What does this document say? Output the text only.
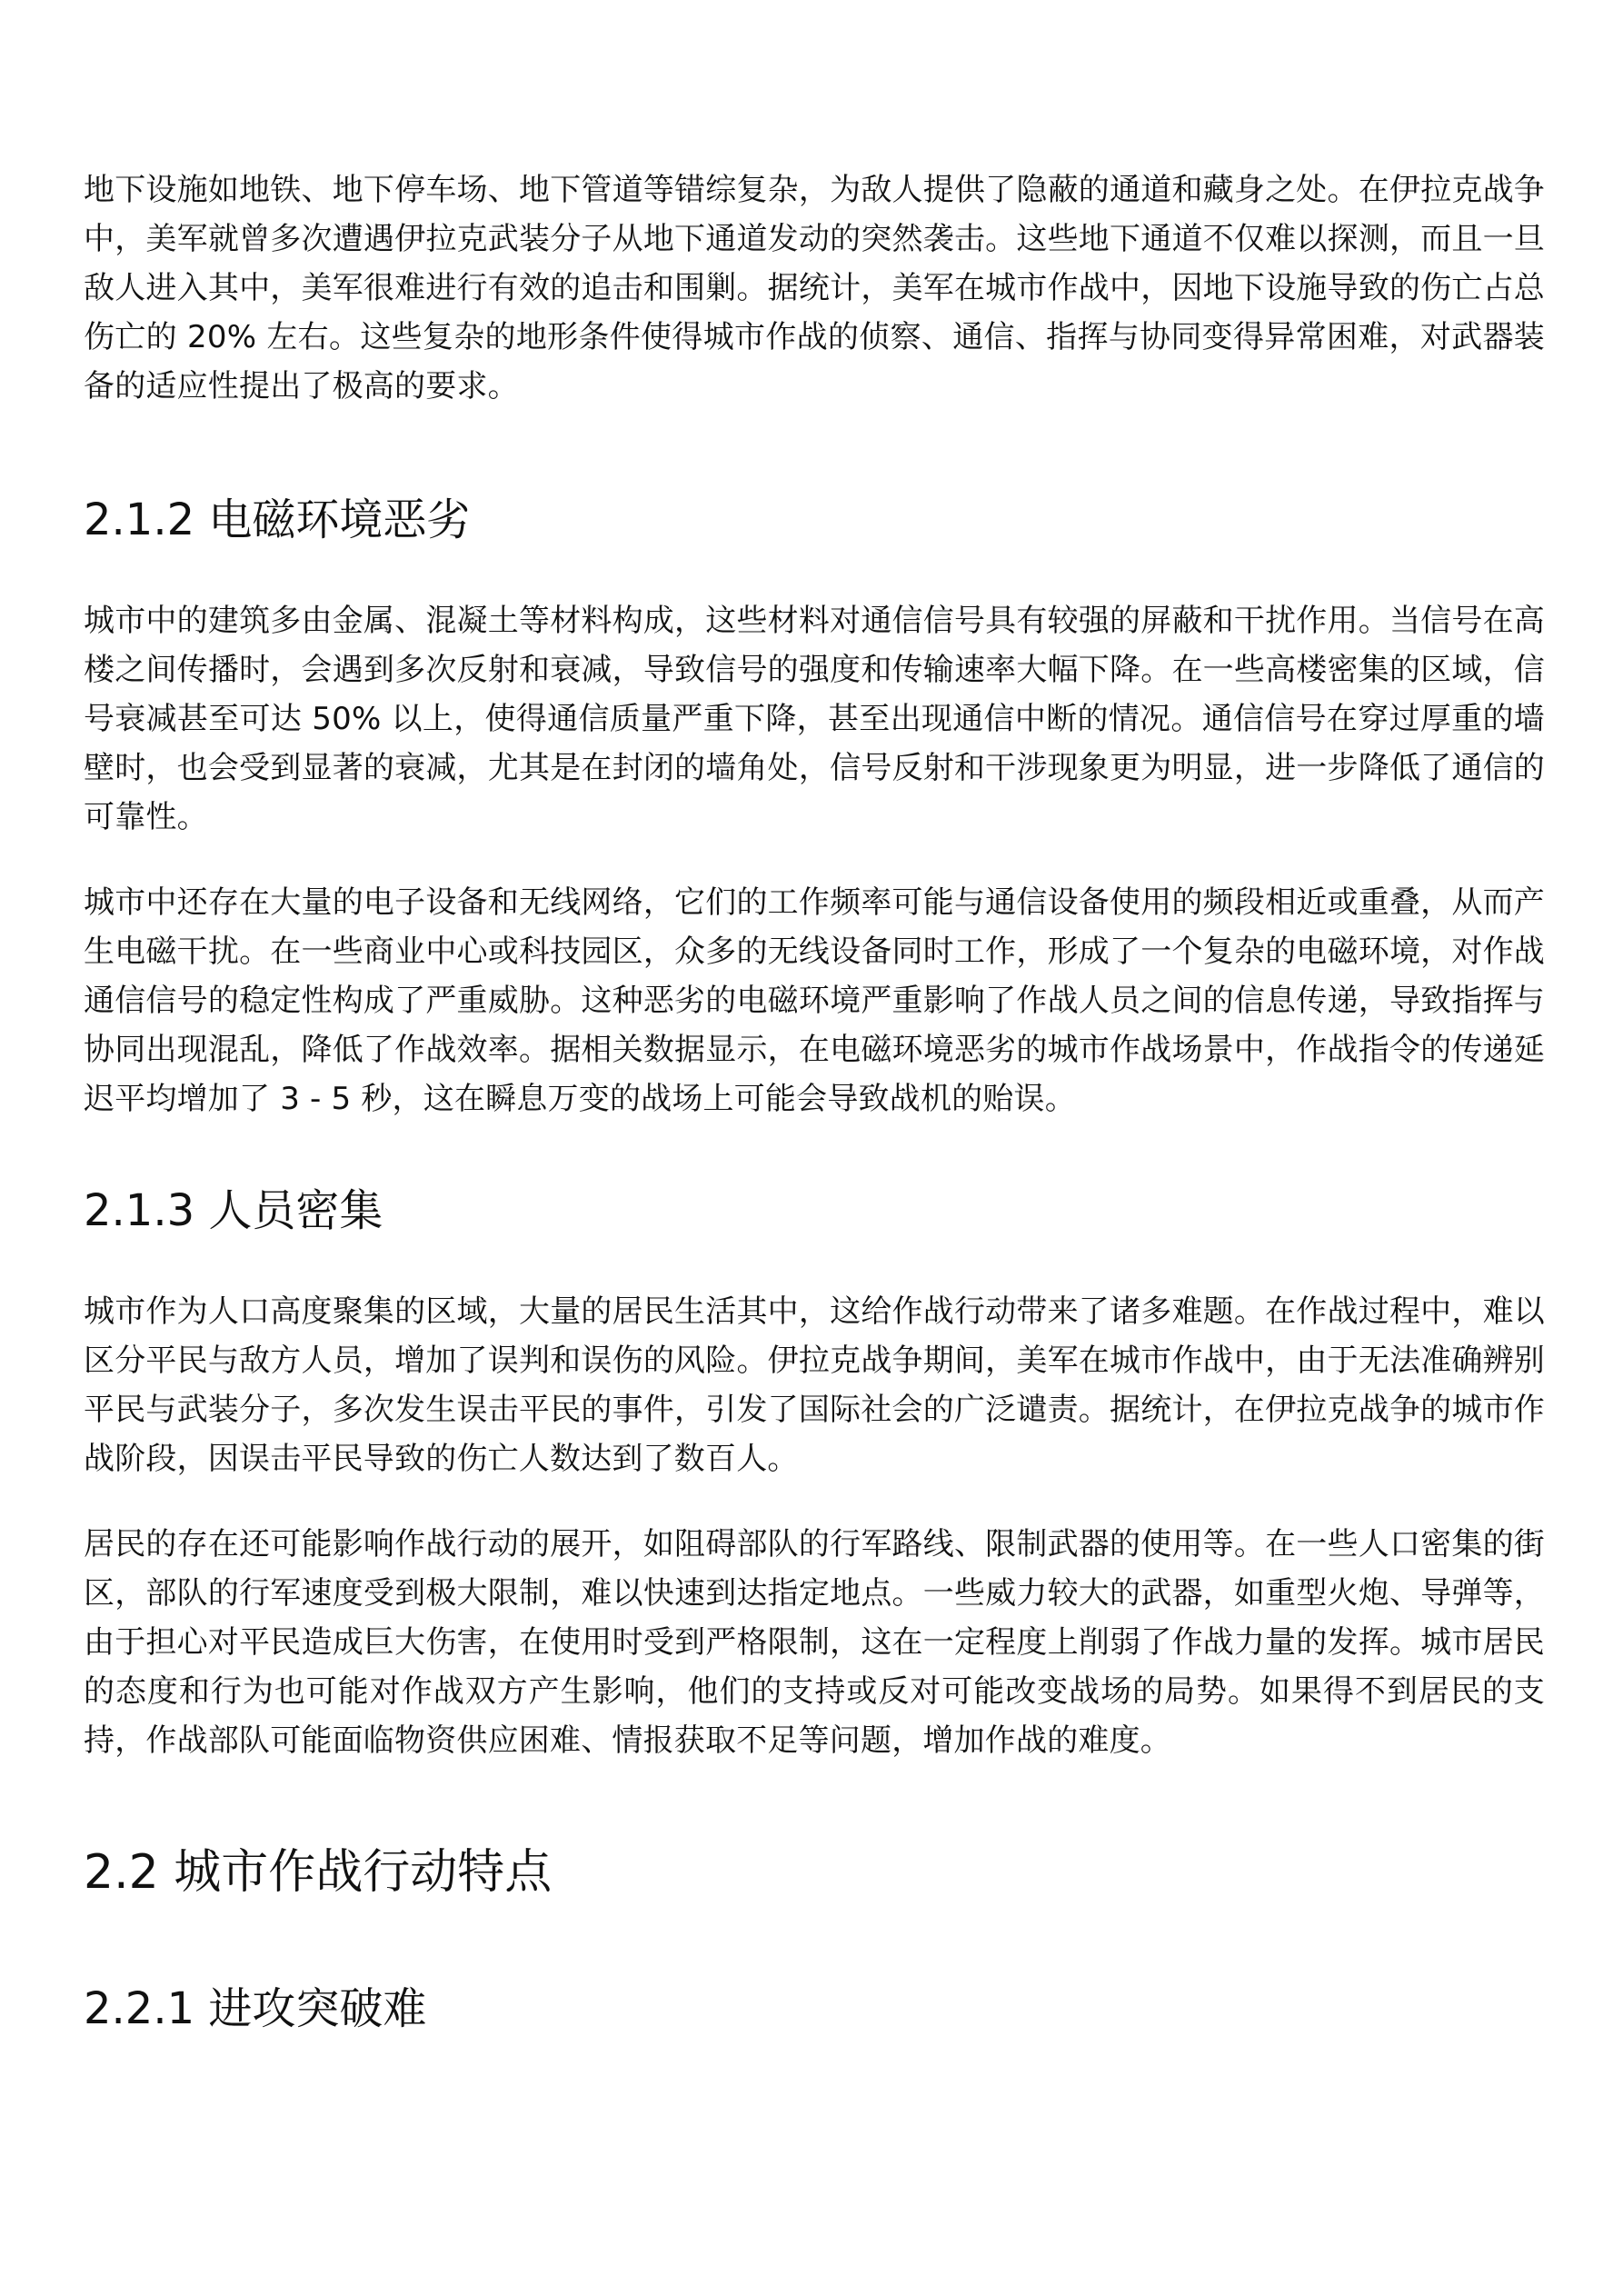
地下设施如地铁、地下停车场、地下管道等错综复杂，为敌人提供了隐蔽的通道和藏身之处。在伊拉克战争中，美军就曾多次遭遇伊拉克武装分子从地下通道发动的突然袭击。这些地下通道不仅难以探测，而且一旦敌人进入其中，美军很难进行有效的追击和围剿。据统计，美军在城市作战中，因地下设施导致的伤亡占总伤亡的 20% 左右。这些复杂的地形条件使得城市作战的侦察、通信、指挥与协同变得异常困难，对武器装备的适应性提出了极高的要求。

2.1.2 电磁环境恶劣

城市中的建筑多由金属、混凝土等材料构成，这些材料对通信信号具有较强的屏蔽和干扰作用。当信号在高楼之间传播时，会遇到多次反射和衰减，导致信号的强度和传输速率大幅下降。在一些高楼密集的区域，信号衰减甚至可达 50% 以上，使得通信质量严重下降，甚至出现通信中断的情况。通信信号在穿过厚重的墙壁时，也会受到显著的衰减，尤其是在封闭的墙角处，信号反射和干涉现象更为明显，进一步降低了通信的可靠性。

城市中还存在大量的电子设备和无线网络，它们的工作频率可能与通信设备使用的频段相近或重叠，从而产生电磁干扰。在一些商业中心或科技园区，众多的无线设备同时工作，形成了一个复杂的电磁环境，对作战通信信号的稳定性构成了严重威胁。这种恶劣的电磁环境严重影响了作战人员之间的信息传递，导致指挥与协同出现混乱，降低了作战效率。据相关数据显示，在电磁环境恶劣的城市作战场景中，作战指令的传递延迟平均增加了 3 - 5 秒，这在瞬息万变的战场上可能会导致战机的贻误。

2.1.3 人员密集

城市作为人口高度聚集的区域，大量的居民生活其中，这给作战行动带来了诸多难题。在作战过程中，难以区分平民与敌方人员，增加了误判和误伤的风险。伊拉克战争期间，美军在城市作战中，由于无法准确辨别平民与武装分子，多次发生误击平民的事件，引发了国际社会的广泛谴责。据统计，在伊拉克战争的城市作战阶段，因误击平民导致的伤亡人数达到了数百人。

居民的存在还可能影响作战行动的展开，如阻碍部队的行军路线、限制武器的使用等。在一些人口密集的街区，部队的行军速度受到极大限制，难以快速到达指定地点。一些威力较大的武器，如重型火炮、导弹等，由于担心对平民造成巨大伤害，在使用时受到严格限制，这在一定程度上削弱了作战力量的发挥。城市居民的态度和行为也可能对作战双方产生影响，他们的支持或反对可能改变战场的局势。如果得不到居民的支持，作战部队可能面临物资供应困难、情报获取不足等问题，增加作战的难度。

2.2 城市作战行动特点
2.2.1 进攻突破难
